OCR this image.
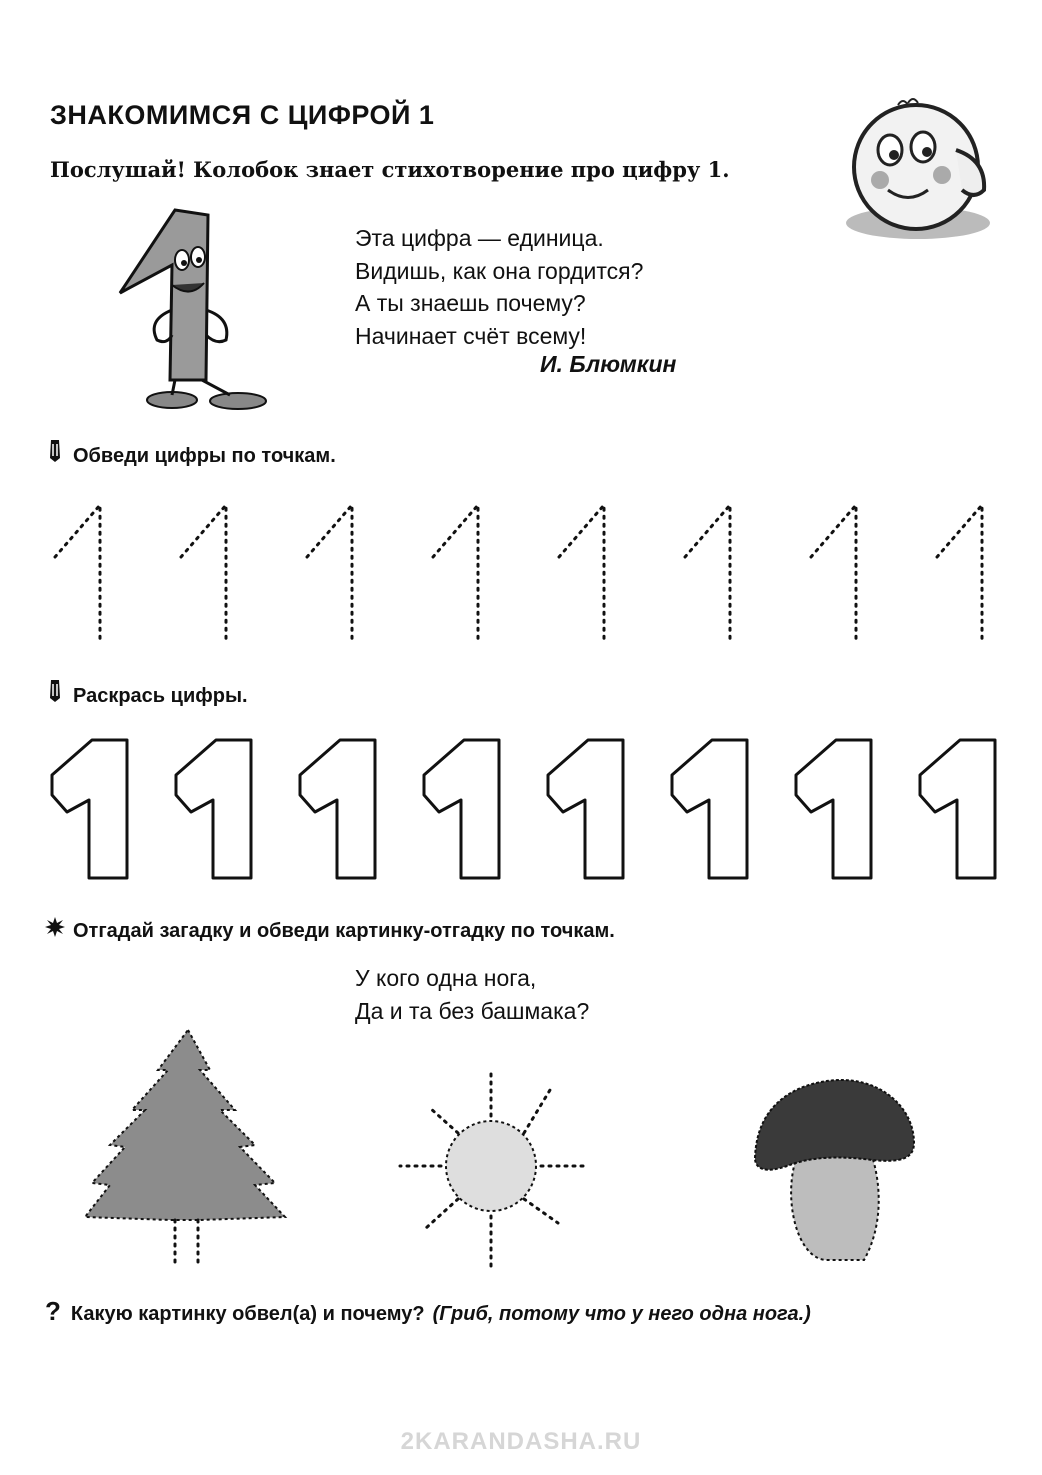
ЗНАКОМИМСЯ С ЦИФРОЙ 1
Послушай! Колобок знает стихотворение про цифру 1.
Эта цифра — единица.
Видишь, как она гордится?
А ты знаешь почему?
Начинает счёт всему!
И. Блюмкин
Обведи цифры по точкам.
Раскрась цифры.
Отгадай загадку и обведи картинку-отгадку по точкам.
У кого одна нога,
Да и та без башмака?
? Какую картинку обвел(а) и почему? (Гриб, потому что у него одна нога.)
2KARANDASHA.RU
